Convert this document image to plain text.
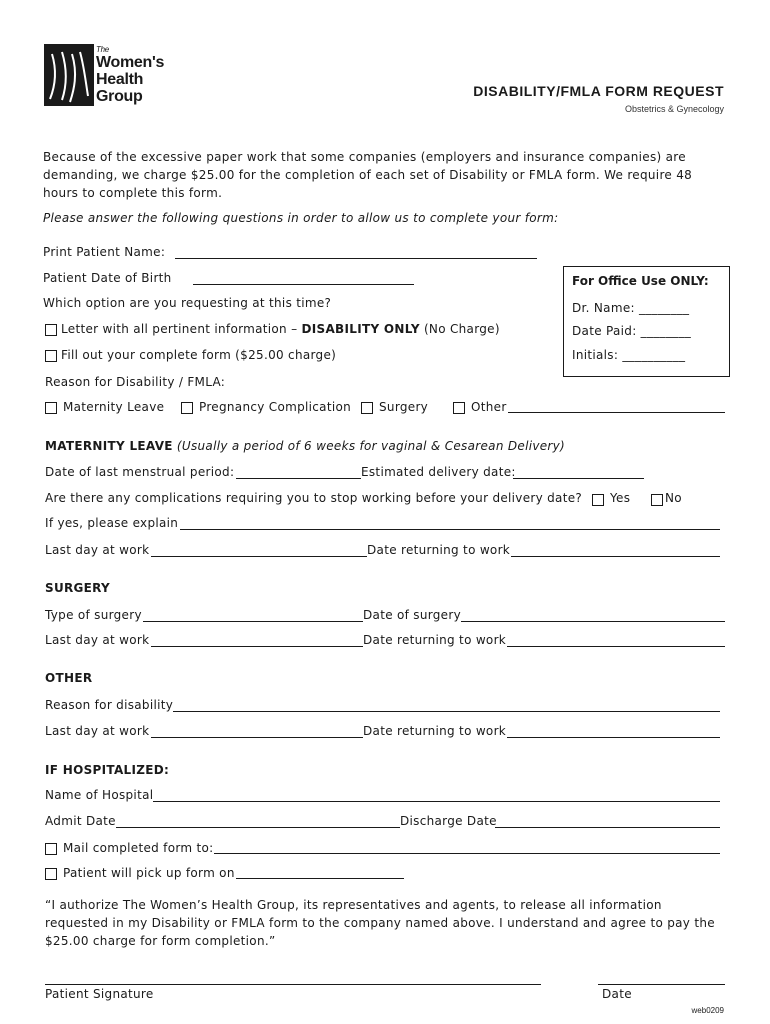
The
Women's
Health
Group	DISABILITY/FMLA FORM REQUEST
Obstetrics & Gynecology
Because of the excessive paper work that some companies (employers and insurance companies) are demanding, we charge $25.00 for the completion of each set of Disability or FMLA form. We require 48 hours to complete this form.
Please answer the following questions in order to allow us to complete your form:
Print Patient Name:
Patient Date of Birth	For Office Use ONLY:
Dr. Name: ________
Date Paid: ________
Initials: __________
Which option are you requesting at this time?
Letter with all pertinent information – DISABILITY ONLY (No Charge)
Fill out your complete form ($25.00 charge)
Reason for Disability / FMLA:
Maternity Leave	Pregnancy Complication Surgery	Other
MATERNITY LEAVE (Usually a period of 6 weeks for vaginal & Cesarean Delivery)
Date of last menstrual period:	Estimated delivery date:
Are there any complications requiring you to stop working before your delivery date? Yes	No
If yes, please explain
Last day at work	Date returning to work
SURGERY
Type of surgery	Date of surgery
Last day at work	Date returning to work
OTHER
Reason for disability
Last day at work	Date returning to work
IF HOSPITALIZED:
Name of Hospital
Admit Date	Discharge Date
Mail completed form to:
Patient will pick up form on
“I authorize The Women’s Health Group, its representatives and agents, to release all information requested in my Disability or FMLA form to the company named above. I understand and agree to pay the $25.00 charge for form completion.”
Patient Signature	Date
web0209
